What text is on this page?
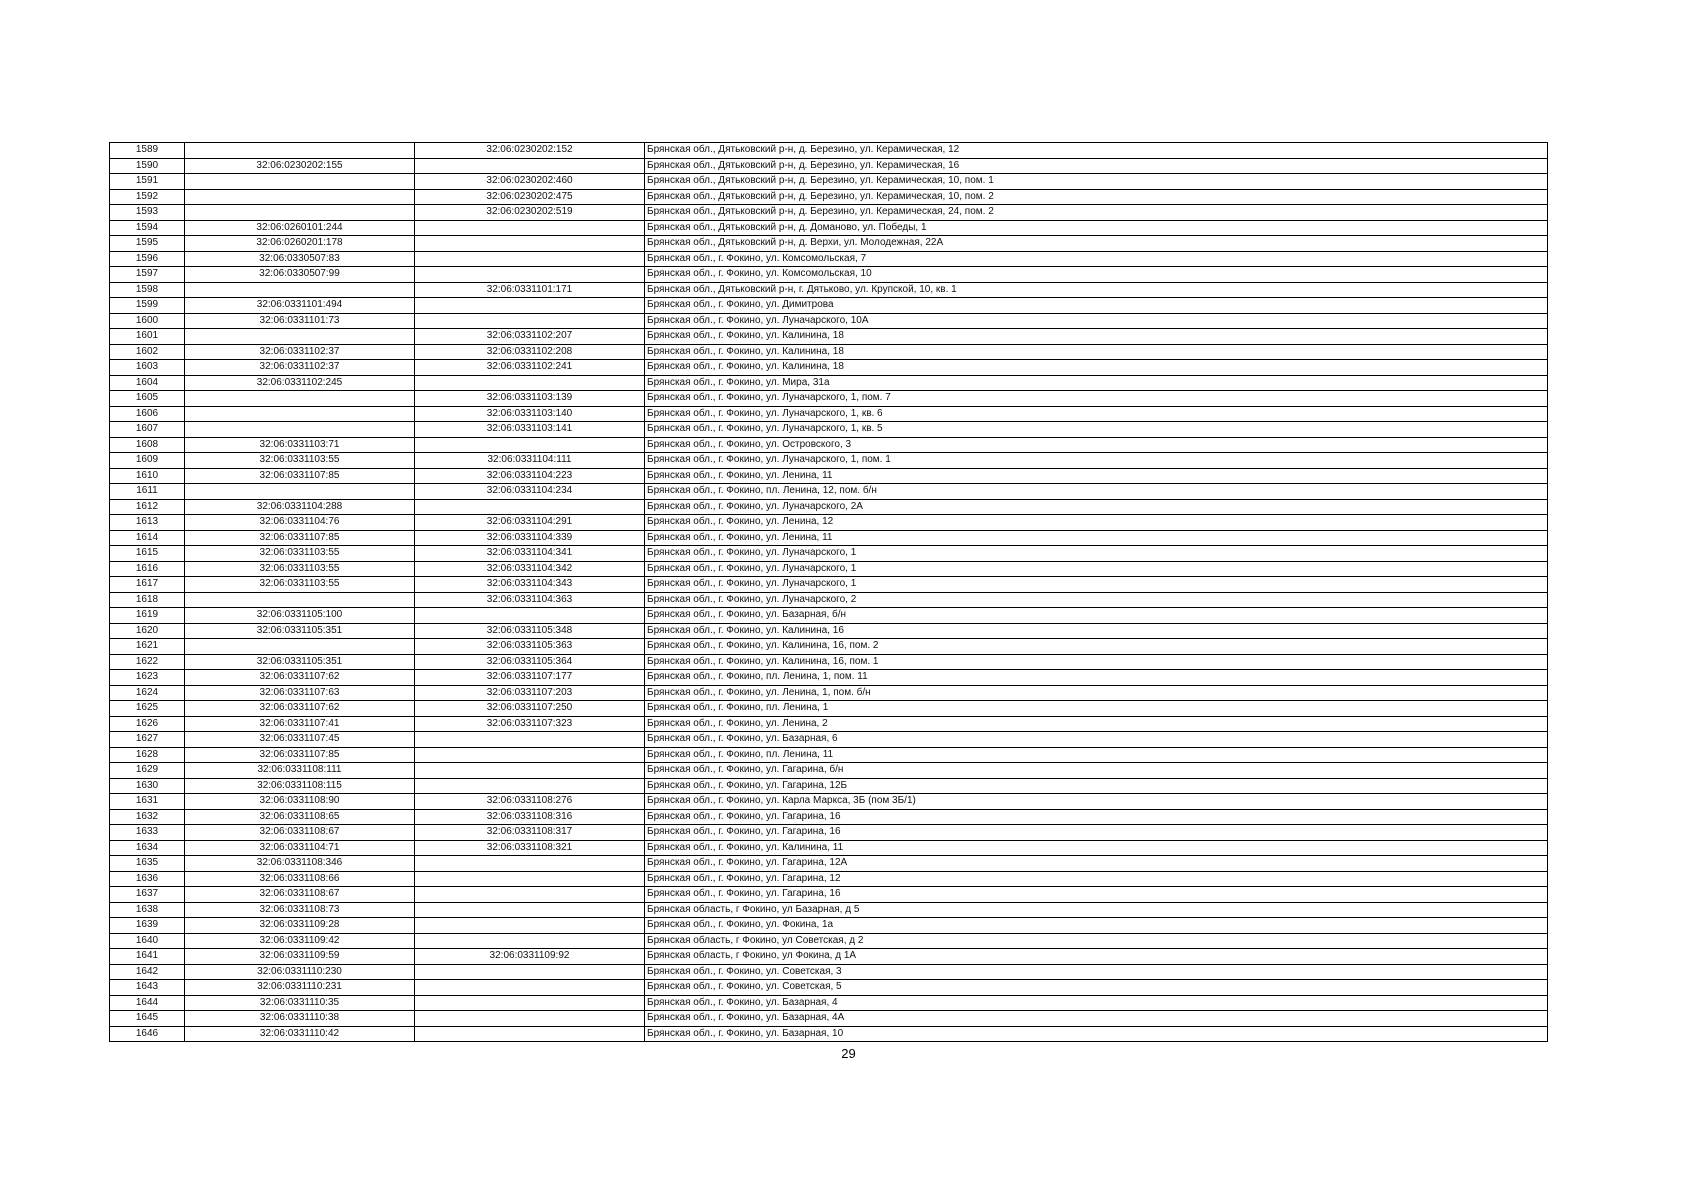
1589		32:06:0230202:152	Брянская обл., Дятьковский р-н, д. Березино, ул. Керамическая, 12
1590	32:06:0230202:155		Брянская обл., Дятьковский р-н, д. Березино, ул. Керамическая, 16
1591		32:06:0230202:460	Брянская обл., Дятьковский р-н, д. Березино, ул. Керамическая, 10, пом. 1
1592		32:06:0230202:475	Брянская обл., Дятьковский р-н, д. Березино, ул. Керамическая, 10, пом. 2
1593		32:06:0230202:519	Брянская обл., Дятьковский р-н, д. Березино, ул. Керамическая, 24, пом. 2
1594	32:06:0260101:244		Брянская обл., Дятьковский р-н, д. Доманово, ул. Победы, 1
1595	32:06:0260201:178		Брянская обл., Дятьковский р-н, д. Верхи, ул. Молодежная, 22А
1596	32:06:0330507:83		Брянская обл., г. Фокино, ул. Комсомольская, 7
1597	32:06:0330507:99		Брянская обл., г. Фокино, ул. Комсомольская, 10
1598		32:06:0331101:171	Брянская обл., Дятьковский р-н, г. Дятьково, ул. Крупской, 10, кв. 1
1599	32:06:0331101:494		Брянская обл., г. Фокино, ул. Димитрова
1600	32:06:0331101:73		Брянская обл., г. Фокино, ул. Луначарского, 10А
1601		32:06:0331102:207	Брянская обл., г. Фокино, ул. Калинина, 18
1602	32:06:0331102:37	32:06:0331102:208	Брянская обл., г. Фокино, ул. Калинина, 18
1603	32:06:0331102:37	32:06:0331102:241	Брянская обл., г. Фокино, ул. Калинина, 18
1604	32:06:0331102:245		Брянская обл., г. Фокино, ул. Мира, 31а
1605		32:06:0331103:139	Брянская обл., г. Фокино, ул. Луначарского, 1, пом. 7
1606		32:06:0331103:140	Брянская обл., г. Фокино, ул. Луначарского, 1, кв. 6
1607		32:06:0331103:141	Брянская обл., г. Фокино, ул. Луначарского, 1, кв. 5
1608	32:06:0331103:71		Брянская обл., г. Фокино, ул. Островского, 3
1609	32:06:0331103:55	32:06:0331104:111	Брянская обл., г. Фокино, ул. Луначарского, 1, пом. 1
1610	32:06:0331107:85	32:06:0331104:223	Брянская обл., г. Фокино, ул. Ленина, 11
1611		32:06:0331104:234	Брянская обл., г. Фокино, пл. Ленина, 12, пом. б/н
1612	32:06:0331104:288		Брянская обл., г. Фокино, ул. Луначарского, 2А
1613	32:06:0331104:76	32:06:0331104:291	Брянская обл., г. Фокино, ул. Ленина, 12
1614	32:06:0331107:85	32:06:0331104:339	Брянская обл., г. Фокино, ул. Ленина, 11
1615	32:06:0331103:55	32:06:0331104:341	Брянская обл., г. Фокино, ул. Луначарского, 1
1616	32:06:0331103:55	32:06:0331104:342	Брянская обл., г. Фокино, ул. Луначарского, 1
1617	32:06:0331103:55	32:06:0331104:343	Брянская обл., г. Фокино, ул. Луначарского, 1
1618		32:06:0331104:363	Брянская обл., г. Фокино, ул. Луначарского, 2
1619	32:06:0331105:100		Брянская обл., г. Фокино, ул. Базарная, б/н
1620	32:06:0331105:351	32:06:0331105:348	Брянская обл., г. Фокино, ул. Калинина, 16
1621		32:06:0331105:363	Брянская обл., г. Фокино, ул. Калинина, 16, пом. 2
1622	32:06:0331105:351	32:06:0331105:364	Брянская обл., г. Фокино, ул. Калинина, 16, пом. 1
1623	32:06:0331107:62	32:06:0331107:177	Брянская обл., г. Фокино, пл. Ленина, 1, пом. 11
1624	32:06:0331107:63	32:06:0331107:203	Брянская обл., г. Фокино, ул. Ленина, 1, пом. б/н
1625	32:06:0331107:62	32:06:0331107:250	Брянская обл., г. Фокино, пл. Ленина, 1
1626	32:06:0331107:41	32:06:0331107:323	Брянская обл., г. Фокино, ул. Ленина, 2
1627	32:06:0331107:45		Брянская обл., г. Фокино, ул. Базарная, 6
1628	32:06:0331107:85		Брянская обл., г. Фокино, пл. Ленина, 11
1629	32:06:0331108:111		Брянская обл., г. Фокино, ул. Гагарина, б/н
1630	32:06:0331108:115		Брянская обл., г. Фокино, ул. Гагарина, 12Б
1631	32:06:0331108:90	32:06:0331108:276	Брянская обл., г. Фокино, ул. Карла Маркса, 3Б (пом 3Б/1)
1632	32:06:0331108:65	32:06:0331108:316	Брянская обл., г. Фокино, ул. Гагарина, 16
1633	32:06:0331108:67	32:06:0331108:317	Брянская обл., г. Фокино, ул. Гагарина, 16
1634	32:06:0331104:71	32:06:0331108:321	Брянская обл., г. Фокино, ул. Калинина, 11
1635	32:06:0331108:346		Брянская обл., г. Фокино, ул. Гагарина, 12А
1636	32:06:0331108:66		Брянская обл., г. Фокино, ул. Гагарина, 12
1637	32:06:0331108:67		Брянская обл., г. Фокино, ул. Гагарина, 16
1638	32:06:0331108:73		Брянская область, г Фокино, ул Базарная, д 5
1639	32:06:0331109:28		Брянская обл., г. Фокино, ул. Фокина, 1а
1640	32:06:0331109:42		Брянская область, г Фокино, ул Советская, д 2
1641	32:06:0331109:59	32:06:0331109:92	Брянская область, г Фокино, ул Фокина, д 1А
1642	32:06:0331110:230		Брянская обл., г. Фокино, ул. Советская, 3
1643	32:06:0331110:231		Брянская обл., г. Фокино, ул. Советская, 5
1644	32:06:0331110:35		Брянская обл., г. Фокино, ул. Базарная, 4
1645	32:06:0331110:38		Брянская обл., г. Фокино, ул. Базарная, 4А
1646	32:06:0331110:42		Брянская обл., г. Фокино, ул. Базарная, 10
29
